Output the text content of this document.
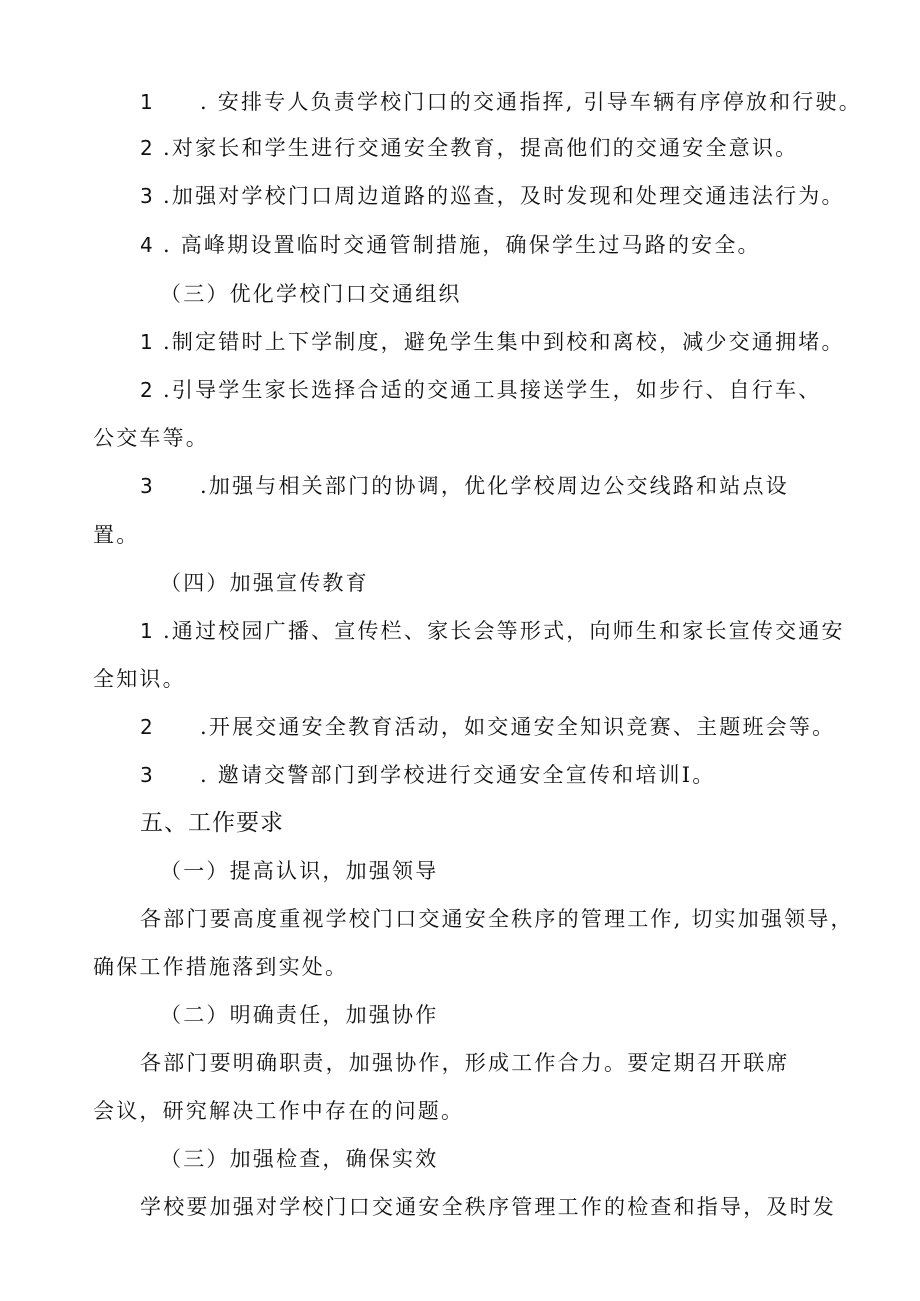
1 . 安排专人负责学校门口的交通指挥, 引导车辆有序停放和行驶。
2 .对家长和学生进行交通安全教育，提高他们的交通安全意识。
3 .加强对学校门口周边道路的巡查，及时发现和处理交通违法行为。
4 . 高峰期设置临时交通管制措施，确保学生过马路的安全。
（三）优化学校门口交通组织
1 .制定错时上下学制度，避免学生集中到校和离校，减少交通拥堵。
2 .引导学生家长选择合适的交通工具接送学生，如步行、自行车、
公交车等。
3 .加强与相关部门的协调，优化学校周边公交线路和站点设
置。
（四）加强宣传教育
1 .通过校园广播、宣传栏、家长会等形式，向师生和家长宣传交通安
全知识。
2 .开展交通安全教育活动，如交通安全知识竞赛、主题班会等。
3 . 邀请交警部门到学校进行交通安全宣传和培训I。
五、工作要求
（一）提高认识，加强领导
各部门要高度重视学校门口交通安全秩序的管理工作, 切实加强领导，
确保工作措施落到实处。
（二）明确责任，加强协作
各部门要明确职责，加强协作，形成工作合力。要定期召开联席
会议，研究解决工作中存在的问题。
（三）加强检查，确保实效
学校要加强对学校门口交通安全秩序管理工作的检查和指导，及时发
